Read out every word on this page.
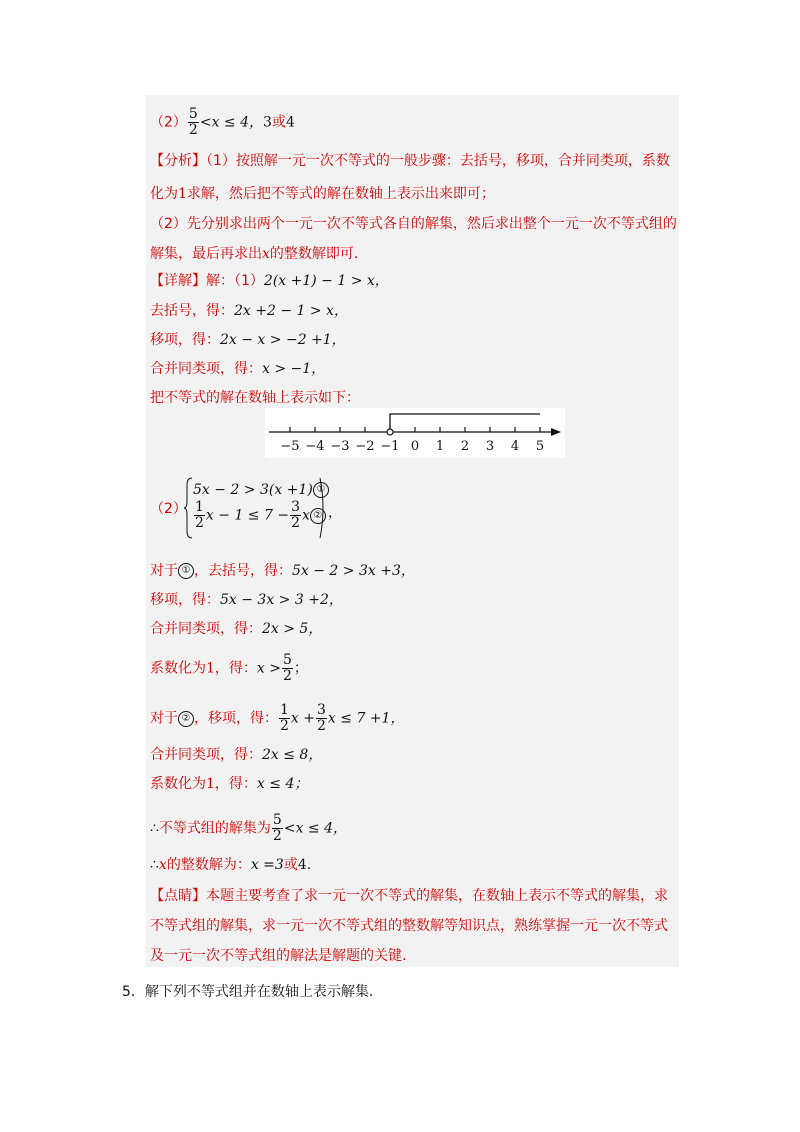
$(2) \frac{5}{2} <x \le 4$，3或4
【分析】（1）按照解一元一次不等式的一般步骤：去括号，移项，合并同类项，系数
化为1求解，然后把不等式的解在数轴上表示出来即可；
（2）先分别求出两个一元一次不等式各自的解集，然后求出整个一元一次不等式组的
解集，最后再求出x的整数解即可．
【详解】解：（1）2(x +1) − 1 > x，
去括号，得：2x +2 − 1 > x，
移项，得：2x − x > −2 +1，
合并同类项，得：x > −1，
把不等式的解在数轴上表示如下：
−5 −4 −3 −2 −1 0 1 2 3 4 5
（2）
5x − 2 > 3(x +1) ①
$\frac{1}{2}$ $x - 1 \le 7 - \frac{3}{2}$ x ② ，
对于 ① ，去括号，得：5x − 2 > 3x +3，
移项，得：5x − 3x > 3 +2，
合并同类项，得：2x > 5，
系数化为1，得：$x > \frac{5}{2}$ ；
对于 ② ，移项，得： $\frac{1}{2}$ $x + \frac{3}{2}$ x ≤ 7 +1，
合并同类项，得：2x ≤ 8，
系数化为1，得：x ≤ 4；
∴不等式组的解集为 $\frac{5}{2} <x \le 4$，
∴x的整数解为：x =3或4.
【点睛】本题主要考查了求一元一次不等式的解集，在数轴上表示不等式的解集，求
不等式组的解集，求一元一次不等式组的整数解等知识点，熟练掌握一元一次不等式
及一元一次不等式组的解法是解题的关键.
5．解下列不等式组并在数轴上表示解集.
